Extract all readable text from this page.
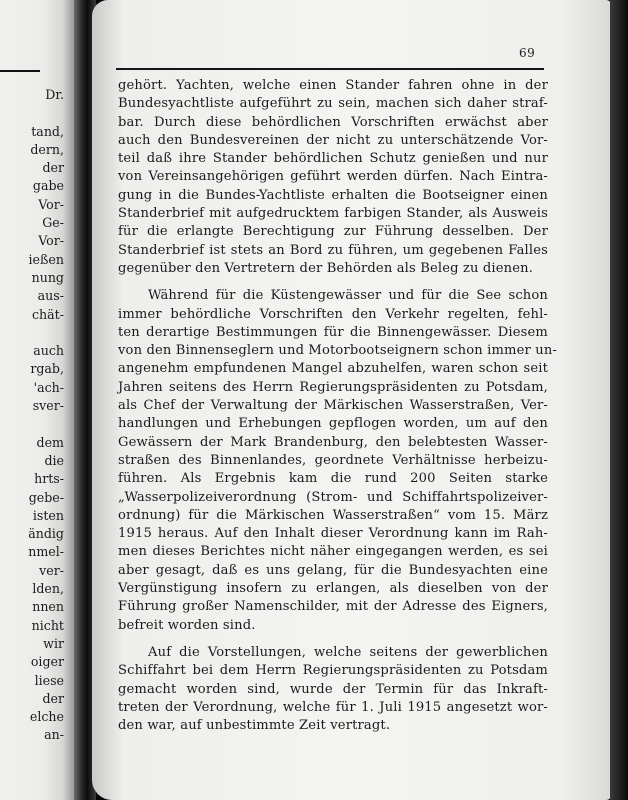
Dr.
tand,
dern,
der
gabe
Vor-
Ge-
Vor-
ießen
nung
aus-
chät-
auch
rgab,
'ach-
sver-
dem
die
hrts-
gebe-
isten
ändig
nmel-
ver-
lden,
nnen
nicht
wir
oiger
liese
der
elche
an-
69
gehört. Yachten, welche einen Stander fahren ohne in der
Bundesyachtliste aufgeführt zu sein, machen sich daher straf-
bar. Durch diese behördlichen Vorschriften erwächst aber
auch den Bundesvereinen der nicht zu unterschätzende Vor-
teil daß ihre Stander behördlichen Schutz genießen und nur
von Vereinsangehörigen geführt werden dürfen. Nach Eintra-
gung in die Bundes-Yachtliste erhalten die Bootseigner einen
Standerbrief mit aufgedrucktem farbigen Stander, als Ausweis
für die erlangte Berechtigung zur Führung desselben. Der
Standerbrief ist stets an Bord zu führen, um gegebenen Falles
gegenüber den Vertretern der Behörden als Beleg zu dienen.
Während für die Küstengewässer und für die See schon
immer behördliche Vorschriften den Verkehr regelten, fehl-
ten derartige Bestimmungen für die Binnengewässer. Diesem
von den Binnenseglern und Motorbootseignern schon immer un-
angenehm empfundenen Mangel abzuhelfen, waren schon seit
Jahren seitens des Herrn Regierungspräsidenten zu Potsdam,
als Chef der Verwaltung der Märkischen Wasserstraßen, Ver-
handlungen und Erhebungen gepflogen worden, um auf den
Gewässern der Mark Brandenburg, den belebtesten Wasser-
straßen des Binnenlandes, geordnete Verhältnisse herbeizu-
führen. Als Ergebnis kam die rund 200 Seiten starke
„Wasserpolizeiverordnung (Strom- und Schiffahrtspolizeiver-
ordnung) für die Märkischen Wasserstraßen“ vom 15. März
1915 heraus. Auf den Inhalt dieser Verordnung kann im Rah-
men dieses Berichtes nicht näher eingegangen werden, es sei
aber gesagt, daß es uns gelang, für die Bundesyachten eine
Vergünstigung insofern zu erlangen, als dieselben von der
Führung großer Namenschilder, mit der Adresse des Eigners,
befreit worden sind.
Auf die Vorstellungen, welche seitens der gewerblichen
Schiffahrt bei dem Herrn Regierungspräsidenten zu Potsdam
gemacht worden sind, wurde der Termin für das Inkraft-
treten der Verordnung, welche für 1. Juli 1915 angesetzt wor-
den war, auf unbestimmte Zeit vertragt.
